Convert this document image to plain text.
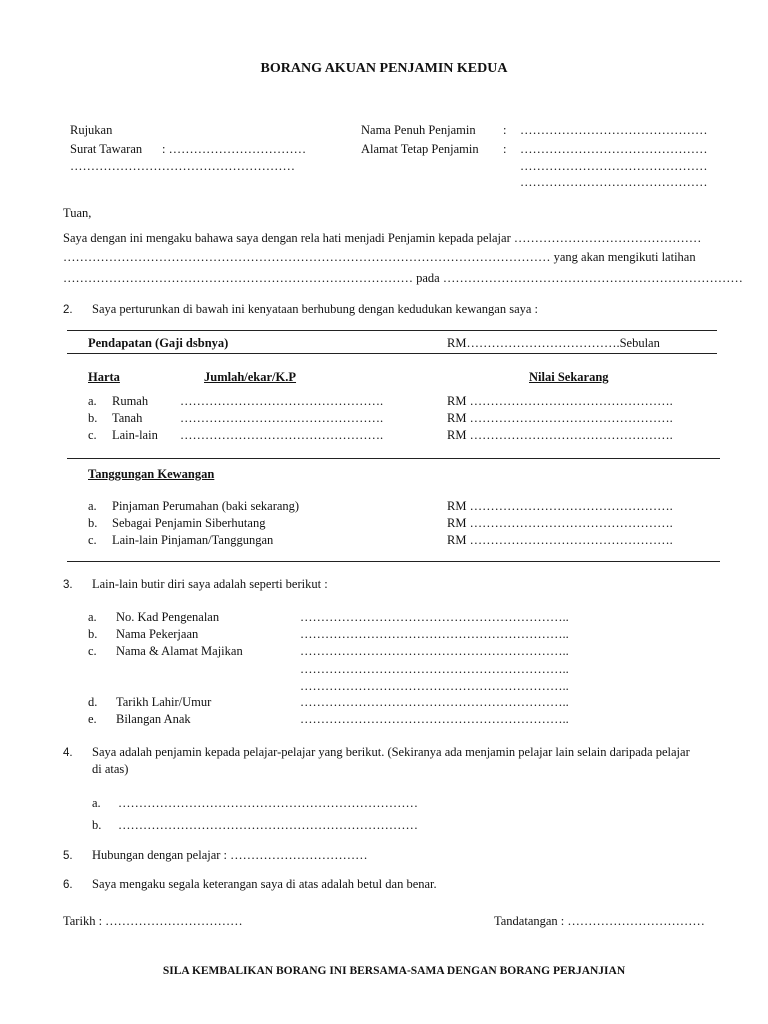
BORANG AKUAN PENJAMIN KEDUA
Rujukan
Surat Tawaran : ……………………………
………………………………………………
Nama Penuh Penjamin : ………………………………………
Alamat Tetap Penjamin : ………………………………………
………………………………………
………………………………………
Tuan,
Saya dengan ini mengaku bahawa saya dengan rela hati menjadi Penjamin kepada pelajar ………………………………………
……………………………………………………………………………………………………… yang akan mengikuti latihan
………………………………………………………………………… pada ………………………………………………………………
2. Saya perturunkan di bawah ini kenyataan berhubung dengan kedudukan kewangan saya :
Pendapatan (Gaji dsbnya)	RM……………………………….Sebulan
Harta	Jumlah/ekar/K.P	Nilai Sekarang
a. Rumah	………………………………………….	RM ………………………………………….
b. Tanah	………………………………………….	RM ………………………………………….
c. Lain-lain ………………………………………….	RM ………………………………………….
Tanggungan Kewangan
a. Pinjaman Perumahan (baki sekarang)	RM ………………………………………….
b. Sebagai Penjamin Siberhutang	RM ………………………………………….
c. Lain-lain Pinjaman/Tanggungan	RM ………………………………………….
3. Lain-lain butir diri saya adalah seperti berikut :
a. No. Kad Pengenalan	………………………………………………………..
b. Nama Pekerjaan	………………………………………………………..
c. Nama & Alamat Majikan	………………………………………………………..
………………………………………………………..
………………………………………………………..
d. Tarikh Lahir/Umur	………………………………………………………..
e. Bilangan Anak	………………………………………………………..
4. Saya adalah penjamin kepada pelajar-pelajar yang berikut. (Sekiranya ada menjamin pelajar lain selain daripada pelajar
di atas)
a. ………………………………………………………………
b. ………………………………………………………………
5. Hubungan dengan pelajar : ……………………………
6. Saya mengaku segala keterangan saya di atas adalah betul dan benar.
Tarikh : ……………………………	Tandatangan : ……………………………
SILA KEMBALIKAN BORANG INI BERSAMA-SAMA DENGAN BORANG PERJANJIAN
